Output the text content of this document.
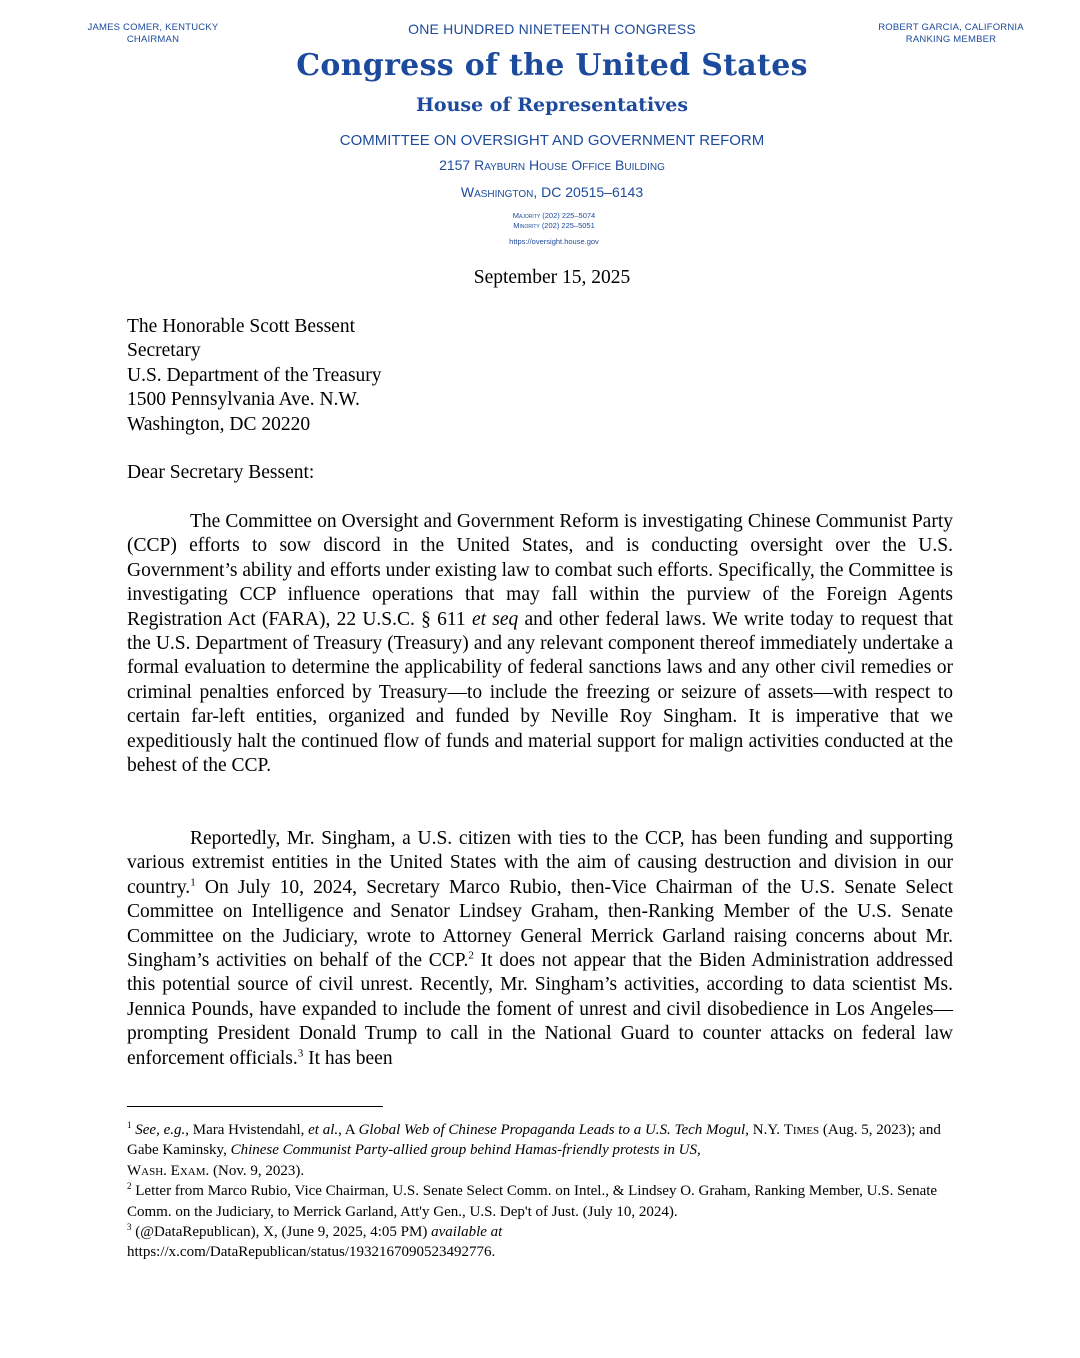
JAMES COMER, KENTUCKY
CHAIRMAN
ROBERT GARCIA, CALIFORNIA
RANKING MEMBER
ONE HUNDRED NINETEENTH CONGRESS
Congress of the United States
House of Representatives
COMMITTEE ON OVERSIGHT AND GOVERNMENT REFORM
2157 Rayburn House Office Building
Washington, DC 20515–6143
Majority (202) 225–5074
Minority (202) 225–5051
https://oversight.house.gov
September 15, 2025

The Honorable Scott Bessent

Secretary

U.S. Department of the Treasury

1500 Pennsylvania Ave. N.W.

Washington, DC 20220

Dear Secretary Bessent:

The Committee on Oversight and Government Reform is investigating Chinese Communist Party (CCP) efforts to sow discord in the United States, and is conducting oversight over the U.S. Government’s ability and efforts under existing law to combat such efforts. Specifically, the Committee is investigating CCP influence operations that may fall within the purview of the Foreign Agents Registration Act (FARA), 22 U.S.C. § 611 et seq and other federal laws. We write today to request that the U.S. Department of Treasury (Treasury) and any relevant component thereof immediately undertake a formal evaluation to determine the applicability of federal sanctions laws and any other civil remedies or criminal penalties enforced by Treasury—to include the freezing or seizure of assets—with respect to certain far-left entities, organized and funded by Neville Roy Singham. It is imperative that we expeditiously halt the continued flow of funds and material support for malign activities conducted at the behest of the CCP.

Reportedly, Mr. Singham, a U.S. citizen with ties to the CCP, has been funding and supporting various extremist entities in the United States with the aim of causing destruction and division in our country.$^1$ On July 10, 2024, Secretary Marco Rubio, then-Vice Chairman of the U.S. Senate Select Committee on Intelligence and Senator Lindsey Graham, then-Ranking Member of the U.S. Senate Committee on the Judiciary, wrote to Attorney General Merrick Garland raising concerns about Mr. Singham’s activities on behalf of the CCP.$^2$ It does not appear that the Biden Administration addressed this potential source of civil unrest. Recently, Mr. Singham’s activities, according to data scientist Ms. Jennica Pounds, have expanded to include the foment of unrest and civil disobedience in Los Angeles—prompting President Donald Trump to call in the National Guard to counter attacks on federal law enforcement officials.$^3$ It has been

$^1$ See, e.g., Mara Hvistendahl, et al., A Global Web of Chinese Propaganda Leads to a U.S. Tech Mogul, N.Y. Times (Aug. 5, 2023); and Gabe Kaminsky, Chinese Communist Party-allied group behind Hamas-friendly protests in US,
Wash. Exam. (Nov. 9, 2023).

$^2$ Letter from Marco Rubio, Vice Chairman, U.S. Senate Select Comm. on Intel., & Lindsey O. Graham, Ranking Member, U.S. Senate Comm. on the Judiciary, to Merrick Garland, Att'y Gen., U.S. Dep't of Just. (July 10, 2024).

$^3$ (@DataRepublican), X, (June 9, 2025, 4:05 PM) available at
https://x.com/DataRepublican/status/1932167090523492776.
